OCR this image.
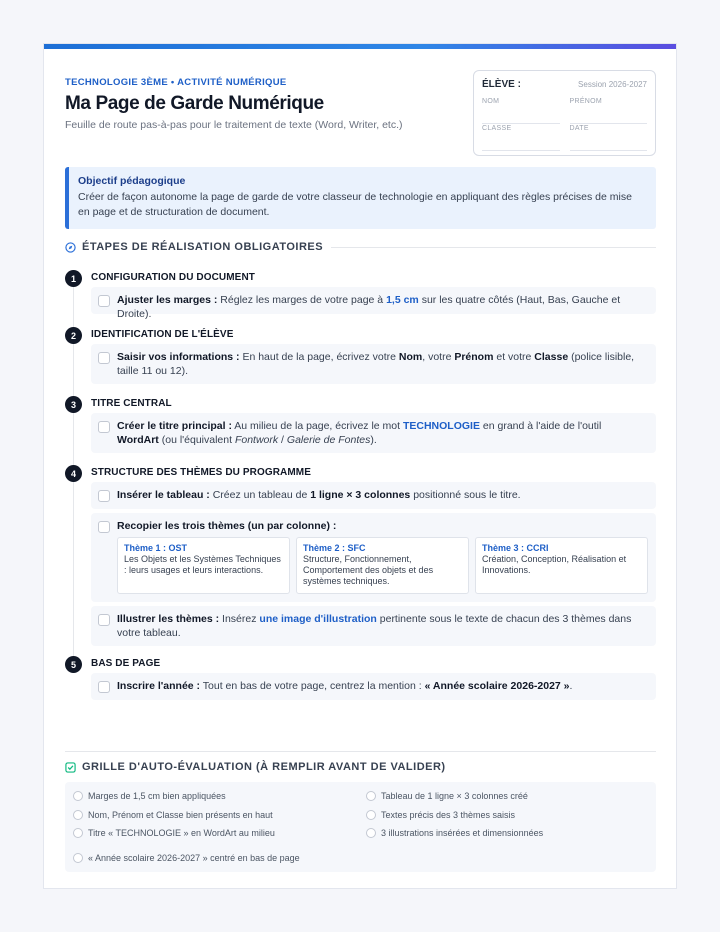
TECHNOLOGIE 3ÈME • ACTIVITÉ NUMÉRIQUE
Ma Page de Garde Numérique
Feuille de route pas-à-pas pour le traitement de texte (Word, Writer, etc.)
ÉLÈVE :	Session 2026-2027
NOM	PRÉNOM
CLASSE	DATE
Objectif pédagogique
Créer de façon autonome la page de garde de votre classeur de technologie en appliquant des règles précises de mise en page et de structuration de document.
ÉTAPES DE RÉALISATION OBLIGATOIRES
1	CONFIGURATION DU DOCUMENT
Ajuster les marges : Réglez les marges de votre page à 1,5 cm sur les quatre côtés (Haut, Bas, Gauche et Droite).
2	IDENTIFICATION DE L'ÉLÈVE
Saisir vos informations : En haut de la page, écrivez votre Nom, votre Prénom et votre Classe (police lisible, taille 11 ou 12).
3	TITRE CENTRAL
Créer le titre principal : Au milieu de la page, écrivez le mot TECHNOLOGIE en grand à l'aide de l'outil WordArt (ou l'équivalent Fontwork / Galerie de Fontes).
4	STRUCTURE DES THÈMES DU PROGRAMME
Insérer le tableau : Créez un tableau de 1 ligne × 3 colonnes positionné sous le titre.
Recopier les trois thèmes (un par colonne) :
Thème 1 : OST
Les Objets et les Systèmes Techniques : leurs usages et leurs interactions.
Thème 2 : SFC
Structure, Fonctionnement, Comportement des objets et des systèmes techniques.
Thème 3 : CCRI
Création, Conception, Réalisation et Innovations.
Illustrer les thèmes : Insérez une image d'illustration pertinente sous le texte de chacun des 3 thèmes dans votre tableau.
5	BAS DE PAGE
Inscrire l'année : Tout en bas de votre page, centrez la mention : « Année scolaire 2026-2027 ».
GRILLE D'AUTO-ÉVALUATION (À REMPLIR AVANT DE VALIDER)
Marges de 1,5 cm bien appliquées	Tableau de 1 ligne × 3 colonnes créé
Nom, Prénom et Classe bien présents en haut	Textes précis des 3 thèmes saisis
Titre « TECHNOLOGIE » en WordArt au milieu	3 illustrations insérées et dimensionnées
« Année scolaire 2026-2027 » centré en bas de page
